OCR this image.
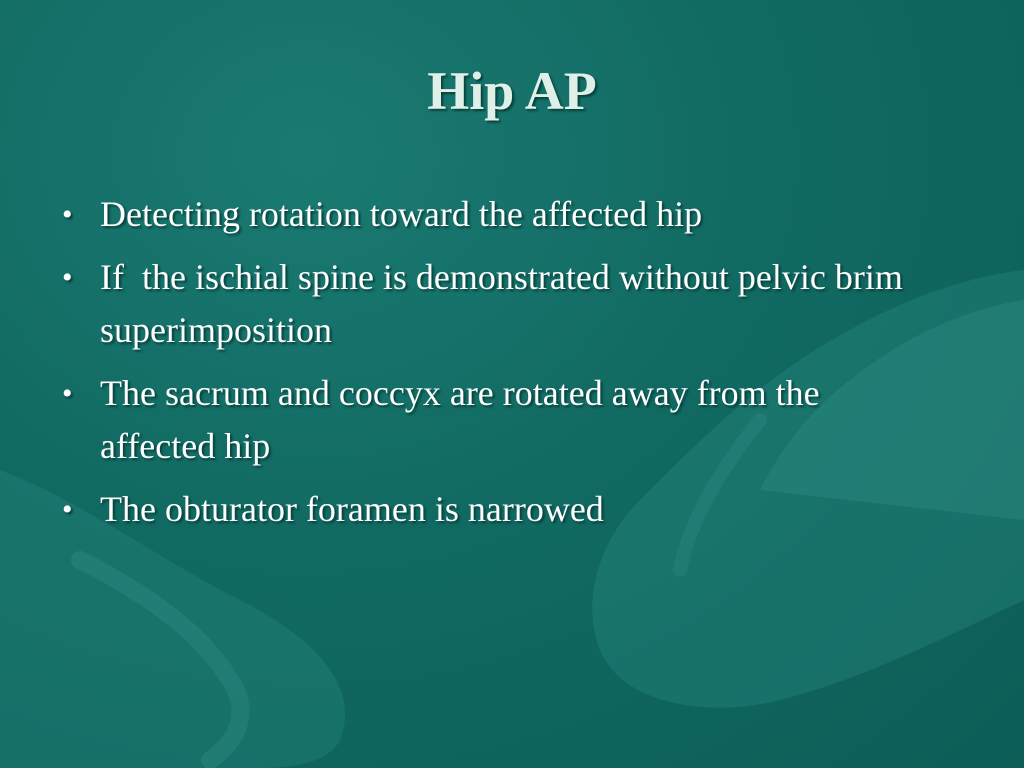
Hip AP
• Detecting rotation toward the affected hip
• If  the ischial spine is demonstrated without pelvic brim superimposition
• The sacrum and coccyx are rotated away from the affected hip
• The obturator foramen is narrowed
